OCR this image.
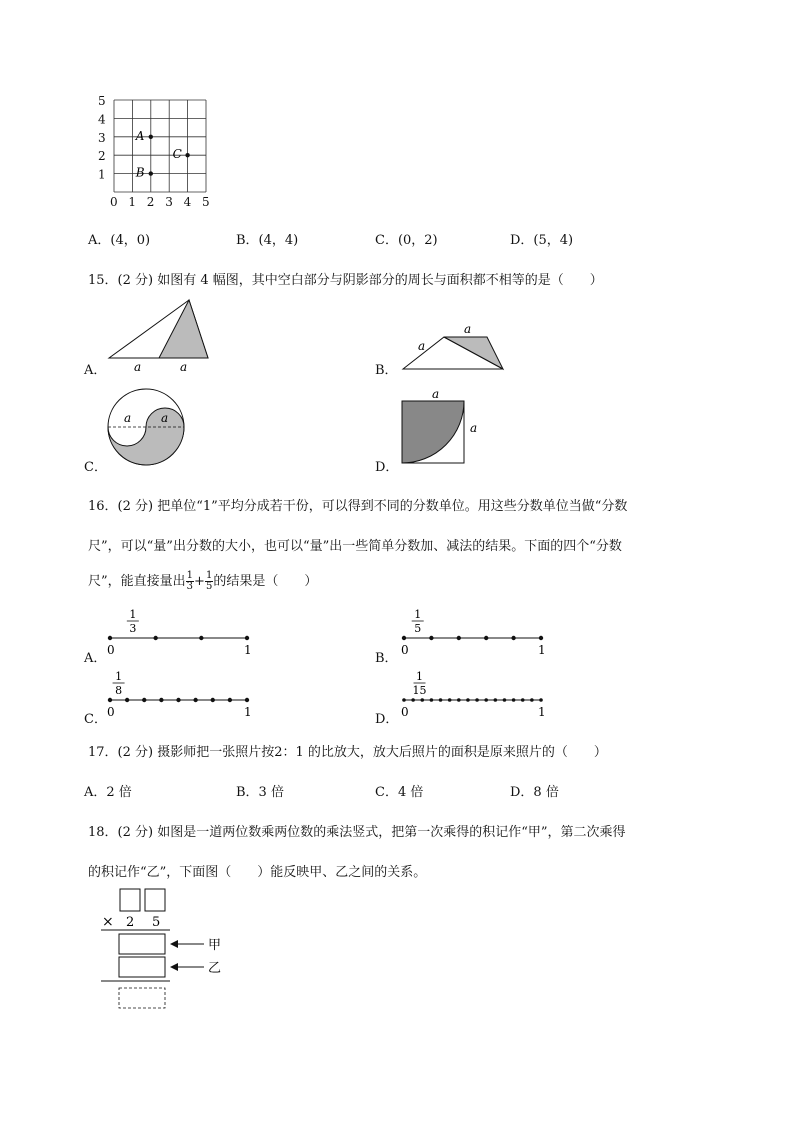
A
C
B
5
4
3
2
1
0 1 2 3 4 5
A．(4，0)	B．(4，4)	C．(0，2)	D．(5，4)
15．(2 分) 如图有 4 幅图，其中空白部分与阴影部分的周长与面积都不相等的是（　　）
A． a	a	B．
a
a
C．
a a
D．
a
a
16．(2 分) 把单位“1”平均分成若干份，可以得到不同的分数单位。用这些分数单位当做“分数
尺”，可以“量”出分数的大小，也可以“量”出一些简单分数加、减法的结果。下面的四个“分数
尺”，能直接量出 $\frac{1}{3} + \frac{1}{5}$ 的结果是（　　）
A．
1
3
0	1
B．
1
5
0	1
C．
1
8
0	1	D．
1
15
0	1
17．(2 分) 摄影师把一张照片按2：1 的比放大，放大后照片的面积是原来照片的（　　）
A．2 倍	B．3 倍	C．4 倍	D．8 倍
18．(2 分) 如图是一道两位数乘两位数的乘法竖式，把第一次乘得的积记作“甲”，第二次乘得
的积记作“乙”，下面图（　　）能反映甲、乙之间的关系。
× 2 5
甲
乙
